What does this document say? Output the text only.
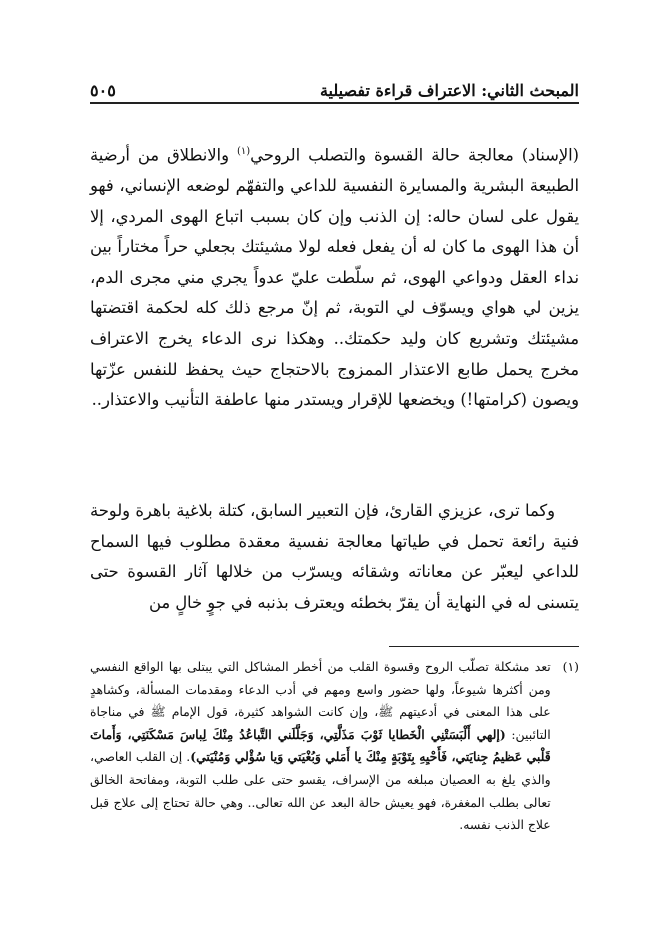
المبحث الثاني: الاعتراف قراءة تفصيلية
٥٠٥

(الإسناد) معالجة حالة القسوة والتصلب الروحي$^{(١)}$ والانطلاق من أرضية الطبيعة البشرية والمسايرة النفسية للداعي والتفهّم لوضعه الإنساني، فهو يقول على لسان حاله: إن الذنب وإن كان بسبب اتباع الهوى المردي، إلا أن هذا الهوى ما كان له أن يفعل فعله لولا مشيئتك بجعلي حراً مختاراً بين نداء العقل ودواعي الهوى، ثم سلّطت عليّ عدواً يجري مني مجرى الدم، يزين لي هواي ويسوّف لي التوبة، ثم إنّ مرجع ذلك كله لحكمة اقتضتها مشيئتك وتشريع كان وليد حكمتك.. وهكذا نرى الدعاء يخرج الاعتراف مخرج يحمل طابع الاعتذار الممزوج بالاحتجاج حيث يحفظ للنفس عزّتها ويصون (كرامتها!) ويخضعها للإقرار ويستدر منها عاطفة التأنيب والاعتذار..

وكما ترى، عزيزي القارئ، فإن التعبير السابق، كتلة بلاغية باهرة ولوحة فنية رائعة تحمل في طياتها معالجة نفسية معقدة مطلوب فيها السماح للداعي ليعبّر عن معاناته وشقائه ويسرّب من خلالها آثار القسوة حتى يتسنى له في النهاية أن يقرّ بخطئه ويعترف بذنبه في جوٍ خالٍ من

(١)
تعد مشكلة تصلّب الروح وقسوة القلب من أخطر المشاكل التي يبتلى بها الواقع النفسي ومن أكثرها شيوعاً، ولها حضور واسع ومهم في أدب الدعاء ومقدمات المسألة، وكشاهدٍ على هذا المعنى في أدعيتهم ﷺ، وإن كانت الشواهد كثيرة، قول الإمام ﷺ في مناجاة التائبين: (إلهي أَلْبَسَتْنِي الْخَطايا ثَوْبَ مَذَلَّتِي، وَجَلَّلَني التَّباعُدُ مِنْكَ لِباسَ مَسْكَنَتِي، وَأَماتَ قَلْبي عَظيمُ جِنايَتي، فَأَحْيِهِ بِتَوْبَةٍ مِنْكَ يا أَمَلي وَبُغْيَتي وَيا سُؤْلي وَمُنْيَتي). إن القلب العاصي، والذي يلغ به العصيان مبلغه من الإسراف، يقسو حتى على طلب التوبة، ومفاتحة الخالق تعالى بطلب المغفرة، فهو يعيش حالة البعد عن الله تعالى.. وهي حالة تحتاج إلى علاج قبل علاج الذنب نفسه.
